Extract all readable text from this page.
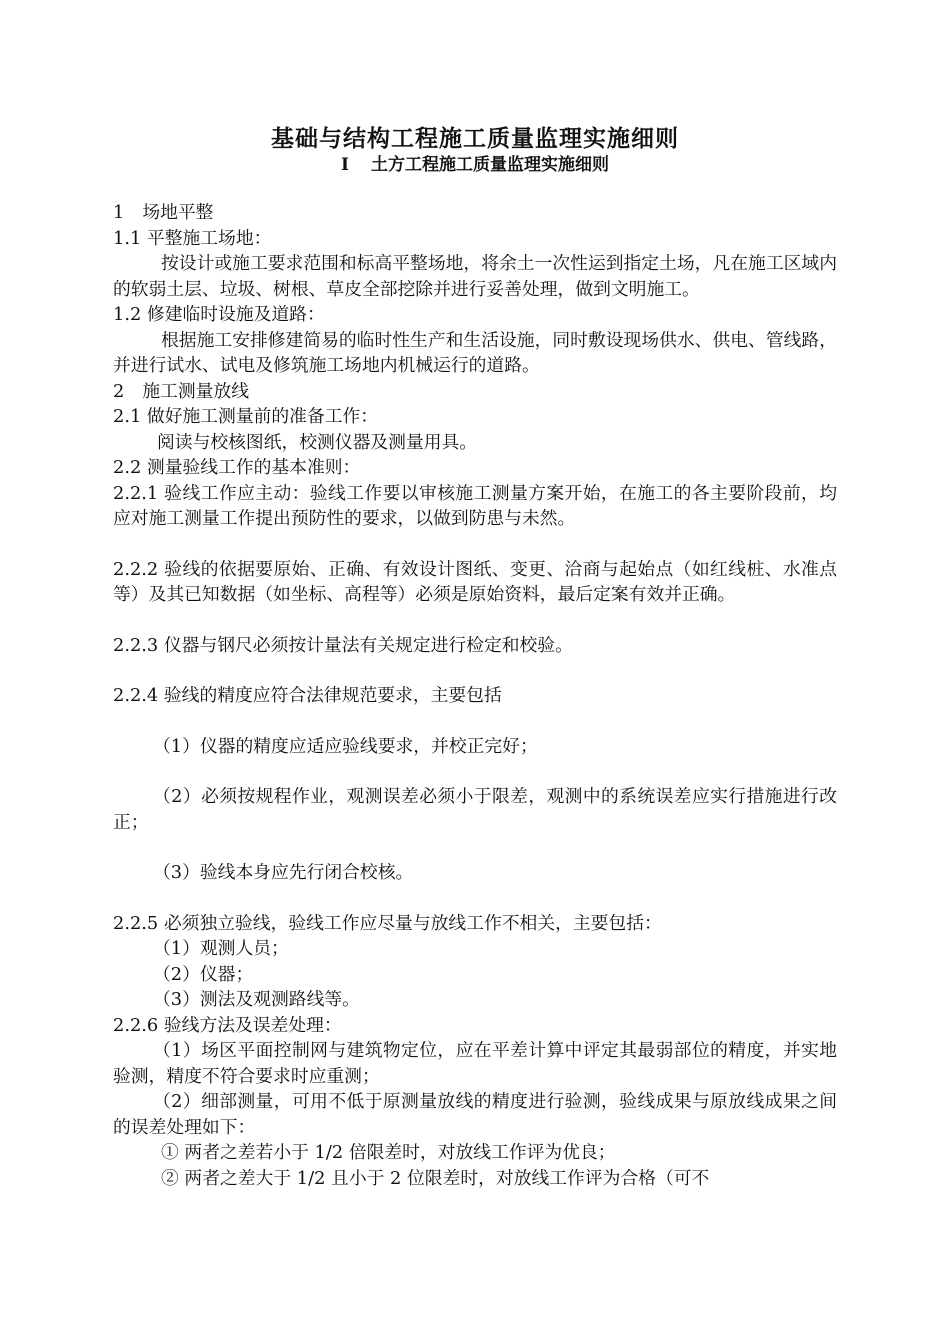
基础与结构工程施工质量监理实施细则
I 土方工程施工质量监理实施细则

1 场地平整

1.1 平整施工场地：

按设计或施工要求范围和标高平整场地，将余土一次性运到指定土场，凡在施工区域内的软弱土层、垃圾、树根、草皮全部挖除并进行妥善处理，做到文明施工。

1.2 修建临时设施及道路：

根据施工安排修建简易的临时性生产和生活设施，同时敷设现场供水、供电、管线路，并进行试水、试电及修筑施工场地内机械运行的道路。

2 施工测量放线

2.1 做好施工测量前的准备工作：

阅读与校核图纸，校测仪器及测量用具。

2.2 测量验线工作的基本准则：

2.2.1 验线工作应主动：验线工作要以审核施工测量方案开始，在施工的各主要阶段前，均应对施工测量工作提出预防性的要求，以做到防患与未然。

2.2.2 验线的依据要原始、正确、有效设计图纸、变更、洽商与起始点（如红线桩、水准点等）及其已知数据（如坐标、高程等）必须是原始资料，最后定案有效并正确。

2.2.3 仪器与钢尺必须按计量法有关规定进行检定和校验。

2.2.4 验线的精度应符合法律规范要求，主要包括

（1）仪器的精度应适应验线要求，并校正完好；

（2）必须按规程作业，观测误差必须小于限差，观测中的系统误差应实行措施进行改正；

（3）验线本身应先行闭合校核。

2.2.5 必须独立验线，验线工作应尽量与放线工作不相关，主要包括：

（1）观测人员；

（2）仪器；

（3）测法及观测路线等。

2.2.6 验线方法及误差处理：

（1）场区平面控制网与建筑物定位，应在平差计算中评定其最弱部位的精度，并实地验测，精度不符合要求时应重测；

（2）细部测量，可用不低于原测量放线的精度进行验测，验线成果与原放线成果之间的误差处理如下：

① 两者之差若小于 1/2 倍限差时，对放线工作评为优良；

② 两者之差大于 1/2 且小于 2 位限差时，对放线工作评为合格（可不
